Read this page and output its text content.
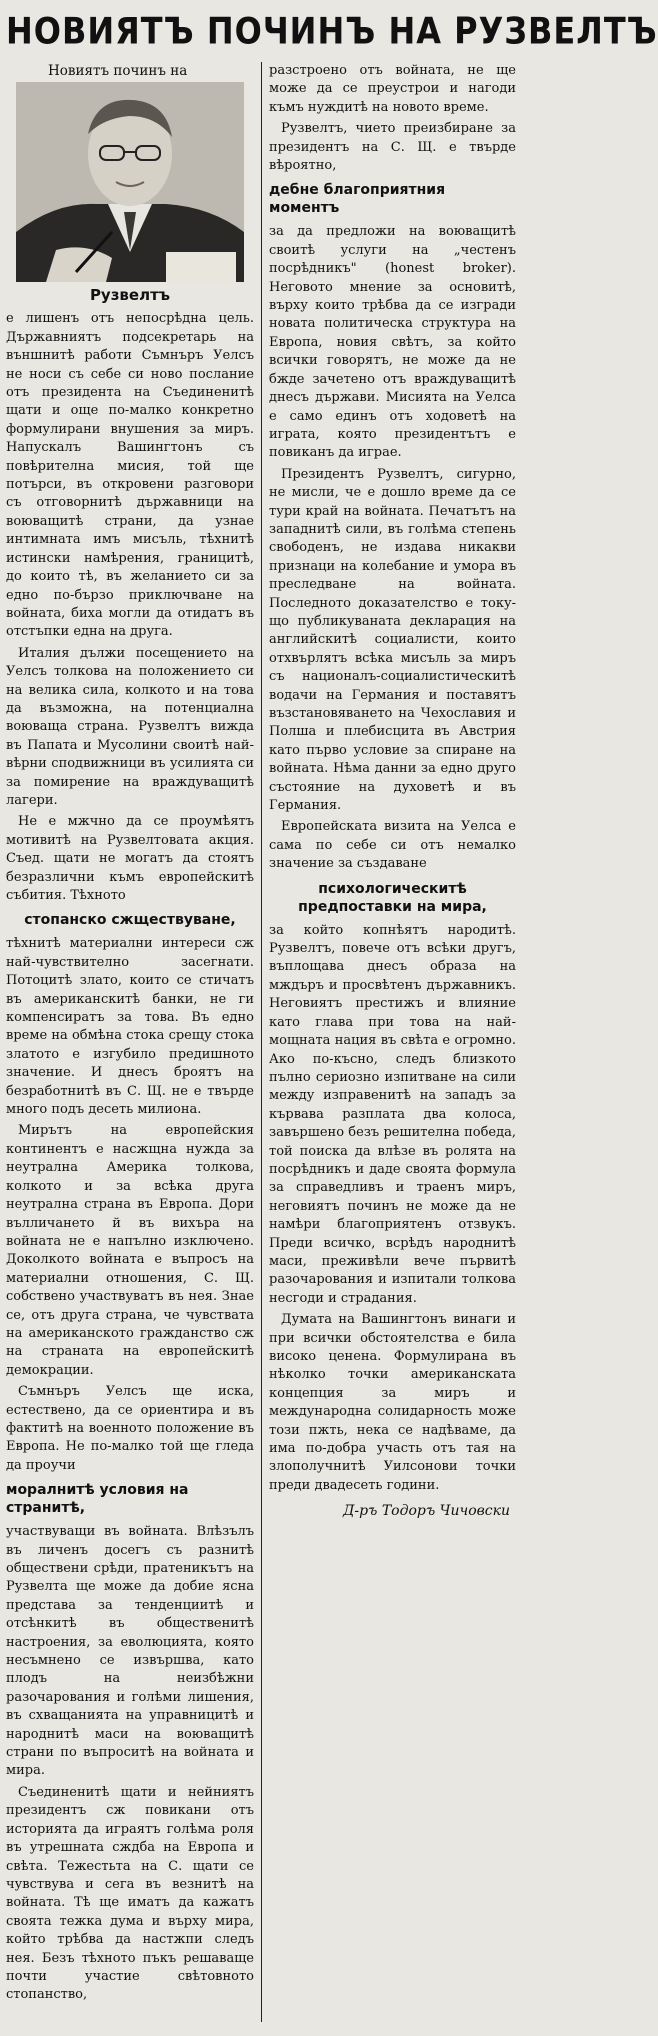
НОВИЯТЪ ПОЧИНЪ НА РУЗВЕЛТЪ

Новиятъ починъ на

Рузвелтъ

е лишенъ отъ непосрѣдна цель. Държавниятъ подсекретарь на външнитѣ работи Съмнъръ Уелсъ не носи съ себе си ново послание отъ президента на Съединенитѣ щати и още по-малко конкретно формулирани внушения за миръ. Напускалъ Вашингтонъ съ повѣрителна мисия, той ще потърси, въ откровени разговори съ отговорнитѣ държавници на воюващитѣ страни, да узнае интимната имъ мисъль, тѣхнитѣ истински намѣрения, границитѣ, до които тѣ, въ желанието си за едно по-бързо приключване на войната, биха могли да отидатъ въ отстъпки една на друга.

Италия дължи посещението на Уелсъ толкова на положението си на велика сила, колкото и на това да възможна, на потенциална воюваща страна. Рузвелтъ вижда въ Папата и Мусолини своитѣ най-вѣрни сподвижници въ усилията си за помирение на враждуващитѣ лагери.

Не е мжчно да се проумѣятъ мотивитѣ на Рузвелтовата акция. Съед. щати не могатъ да стоятъ безразлични къмъ европейскитѣ събития. Тѣхното

стопанско сжществуване,

тѣхнитѣ материални интереси сж най-чувствително засегнати. Потоцитѣ злато, които се стичатъ въ американскитѣ банки, не ги компенсиратъ за това. Въ едно време на обмѣна стока срещу стока златото е изгубило предишното значение. И днесъ броятъ на безработнитѣ въ С. Щ. не е твърде много подъ десеть милиона.

Мирътъ на европейския континентъ е насжщна нужда за неутрална Америка толкова, колкото и за всѣка друга неутрална страна въ Европа. Дори вълличането й въ вихъра на войната не е напълно изключено. Доколкото войната е въпросъ на материални отношения, С. Щ. собствено участвуватъ въ нея. Знае се, отъ друга страна, че чувствата на американското гражданство сж на страната на европейскитѣ демокрации.

Съмнъръ Уелсъ ще иска, естествено, да се ориентира и въ фактитѣ на военното положение въ Европа. Не по-малко той ще гледа да проучи

моралнитѣ условия на странитѣ,

участвуващи въ войната. Влѣзълъ въ личенъ досегъ съ разнитѣ обществени срѣди, пратеникътъ на Рузвелта ще може да добие ясна представа за тенденциитѣ и отсѣнкитѣ въ общественитѣ настроения, за еволюцията, която несъмнено се извършва, като плодъ на неизбѣжни разочарования и голѣми лишения, въ схващанията на управницитѣ и народнитѣ маси на воюващитѣ страни по въпроситѣ на войната и мира.

Съединенитѣ щати и нейниятъ президентъ сж повикани отъ историята да играятъ голѣма роля въ утрешната сждба на Европа и свѣта. Тежестьта на С. щати се чувствува и сега въ везнитѣ на войната. Тѣ ще иматъ да кажатъ своята тежка дума и върху мира, който трѣбва да настжпи следъ нея. Безъ тѣхното пъкъ решаваще почти участие свѣтовното стопанство,

разстроено отъ войната, не ще може да се преустрои и нагоди къмъ нуждитѣ на новото време.

Рузвелтъ, чието преизбиране за президентъ на С. Щ. е твърде вѣроятно,

дебне благоприятния моментъ

за да предложи на воюващитѣ своитѣ услуги на „честенъ посрѣдникъ" (honest broker). Неговото мнение за основитѣ, върху които трѣбва да се изгради новата политическа структура на Европа, новия свѣтъ, за който всички говорятъ, не може да не бжде зачетено отъ враждуващитѣ днесъ държави. Мисията на Уелса е само единъ отъ ходоветѣ на играта, която президентътъ е повиканъ да играе.

Президентъ Рузвелтъ, сигурно, не мисли, че е дошло време да се тури край на войната. Печатътъ на западнитѣ сили, въ голѣма степень свободенъ, не издава никакви признаци на колебание и умора въ преследване на войната. Последното доказателство е току-що публикуваната декларация на английскитѣ социалисти, които отхвърлятъ всѣка мисъль за миръ съ националъ-социалистическитѣ водачи на Германия и поставятъ възстановяването на Чехославия и Полша и плебисцита въ Австрия като първо условие за спиране на войната. Нѣма данни за едно друго състояние на духоветѣ и въ Германия.

Европейската визита на Уелса е сама по себе си отъ немалко значение за създаване

психологическитѣ предпоставки на мира,

за който копнѣятъ народитѣ. Рузвелтъ, повече отъ всѣки другъ, въплощава днесъ образа на мждъръ и просвѣтенъ държавникъ. Неговиятъ престижъ и влияние като глава при това на най-мощната нация въ свѣта е огромно. Ако по-късно, следъ близкото пълно сериозно изпитване на сили между изправенитѣ на западъ за кървава разплата два колоса, завършено безъ решителна победа, той поиска да влѣзе въ ролята на посрѣдникъ и даде своята формула за справедливъ и траенъ миръ, неговиятъ починъ не може да не намѣри благоприятенъ отзвукъ. Преди всичко, всрѣдъ народнитѣ маси, преживѣли вече първитѣ разочарования и изпитали толкова несгоди и страдания.

Думата на Вашингтонъ винаги и при всички обстоятелства е била високо ценена. Формулирана въ нѣколко точки американската концепция за миръ и международна солидарность може този пжть, нека се надѣваме, да има по-добра участь отъ тая на злополучнитѣ Уилсонови точки преди двадесеть години.

Д-ръ Тодоръ Чичовски
